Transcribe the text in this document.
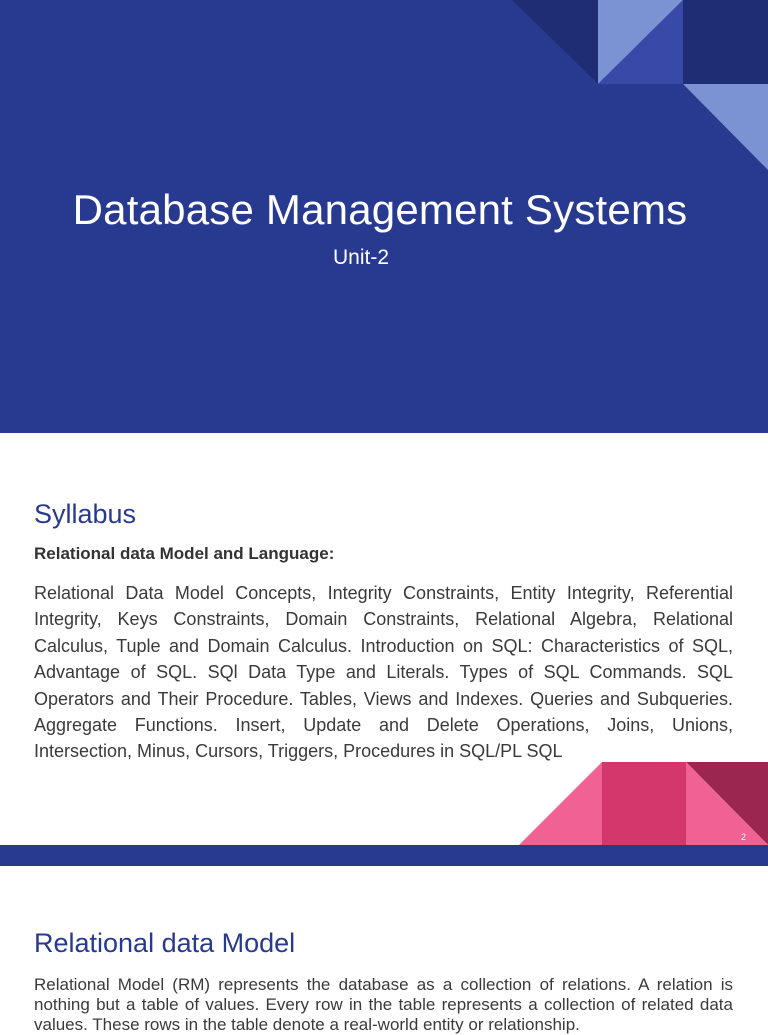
Database Management Systems
Unit-2
Syllabus
Relational data Model and Language:

Relational Data Model Concepts, Integrity Constraints, Entity Integrity, Referential Integrity, Keys Constraints, Domain Constraints, Relational Algebra, Relational Calculus, Tuple and Domain Calculus. Introduction on SQL: Characteristics of SQL, Advantage of SQL. SQl Data Type and Literals. Types of SQL Commands. SQL Operators and Their Procedure. Tables, Views and Indexes. Queries and Subqueries. Aggregate Functions. Insert, Update and Delete Operations, Joins, Unions, Intersection, Minus, Cursors, Triggers, Procedures in SQL/PL SQL

2
Relational data Model

Relational Model (RM) represents the database as a collection of relations. A relation is nothing but a table of values. Every row in the table represents a collection of related data values. These rows in the table denote a real-world entity or relationship.
